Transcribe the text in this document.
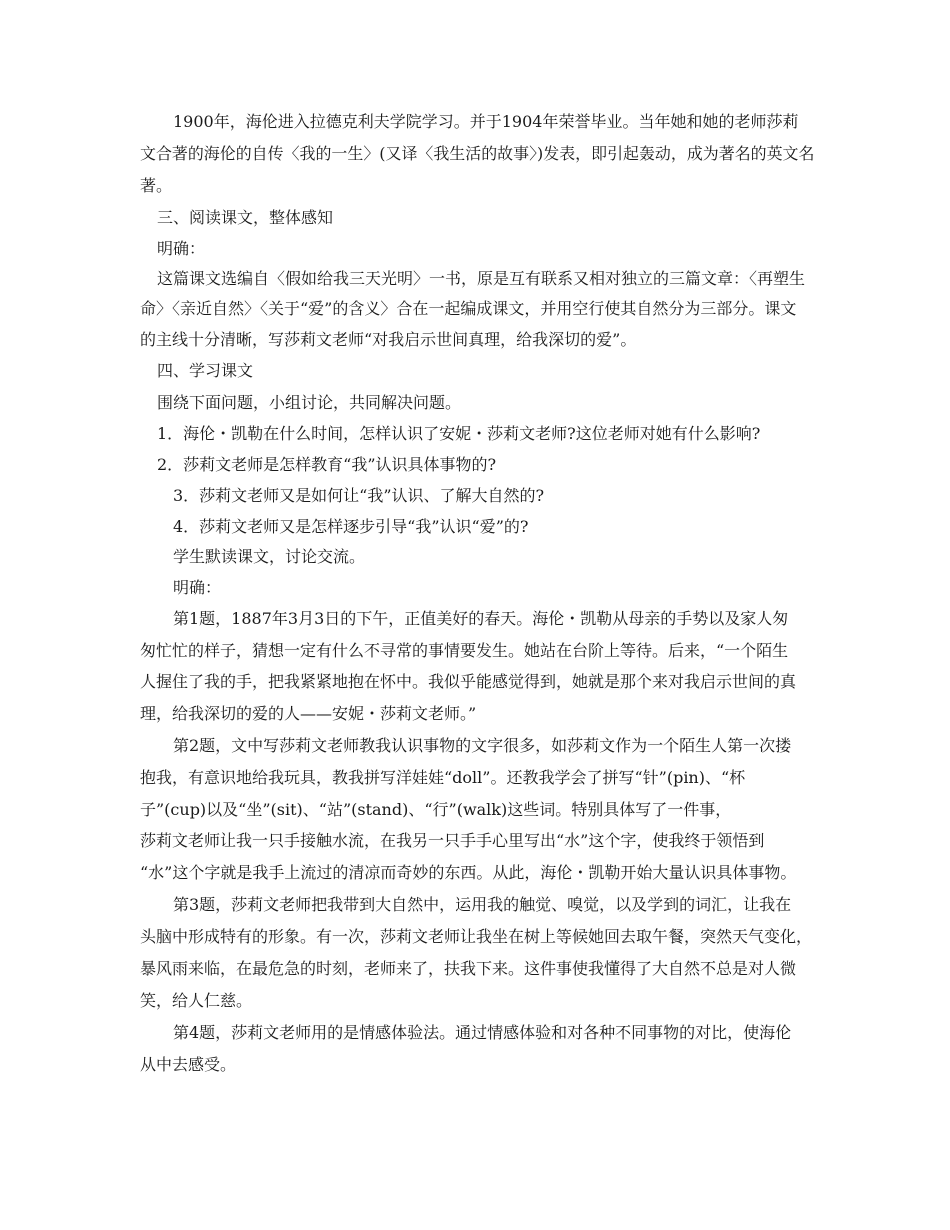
1900年，海伦进入拉德克利夫学院学习。并于1904年荣誉毕业。当年她和她的老师莎莉
文合著的海伦的自传〈我的一生〉(又译〈我生活的故事〉)发表，即引起轰动，成为著名的英文名
著。
三、阅读课文，整体感知
明确：
这篇课文选编自〈假如给我三天光明〉一书，原是互有联系又相对独立的三篇文章：〈再塑生
命〉〈亲近自然〉〈关于“爱”的含义〉合在一起编成课文，并用空行使其自然分为三部分。课文
的主线十分清晰，写莎莉文老师“对我启示世间真理，给我深切的爱”。
四、学习课文
围绕下面问题，小组讨论，共同解决问题。
1．海伦・凯勒在什么时间，怎样认识了安妮・莎莉文老师?这位老师对她有什么影响?
2．莎莉文老师是怎样教育“我”认识具体事物的?
3．莎莉文老师又是如何让“我”认识、了解大自然的?
4．莎莉文老师又是怎样逐步引导“我”认识“爱”的?
学生默读课文，讨论交流。
明确：
第1题，1887年3月3日的下午，正值美好的春天。海伦・凯勒从母亲的手势以及家人匆
匆忙忙的样子，猜想一定有什么不寻常的事情要发生。她站在台阶上等待。后来，“一个陌生
人握住了我的手，把我紧紧地抱在怀中。我似乎能感觉得到，她就是那个来对我启示世间的真
理，给我深切的爱的人——安妮・莎莉文老师。”
第2题，文中写莎莉文老师教我认识事物的文字很多，如莎莉文作为一个陌生人第一次搂
抱我，有意识地给我玩具，教我拼写洋娃娃“doll”。还教我学会了拼写“针”(pin)、“杯
子”(cup)以及“坐”(sit)、“站”(stand)、“行”(walk)这些词。特别具体写了一件事，
莎莉文老师让我一只手接触水流，在我另一只手手心里写出“水”这个字，使我终于领悟到
“水”这个字就是我手上流过的清凉而奇妙的东西。从此，海伦・凯勒开始大量认识具体事物。
第3题，莎莉文老师把我带到大自然中，运用我的触觉、嗅觉，以及学到的词汇，让我在
头脑中形成特有的形象。有一次，莎莉文老师让我坐在树上等候她回去取午餐，突然天气变化，
暴风雨来临，在最危急的时刻，老师来了，扶我下来。这件事使我懂得了大自然不总是对人微
笑，给人仁慈。
第4题，莎莉文老师用的是情感体验法。通过情感体验和对各种不同事物的对比，使海伦
从中去感受。
